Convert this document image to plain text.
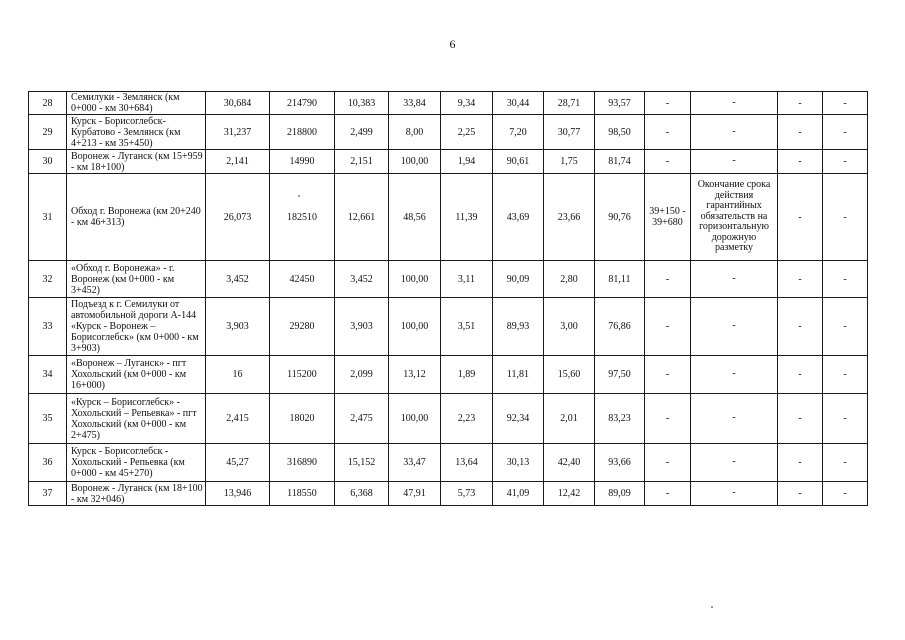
6
28	Семилуки - Землянск (км 0+000 - км 30+684)	30,684	214790	10,383	33,84	9,34	30,44	28,71	93,57	-	-	-	-
29	Курск - Борисоглебск-Курбатово - Землянск (км 4+213 - км 35+450)	31,237	218800	2,499	8,00	2,25	7,20	30,77	98,50	-	-	-	-
30	Воронеж - Луганск (км 15+959 - км 18+100)	2,141	14990	2,151	100,00	1,94	90,61	1,75	81,74	-	-	-	-
31	Обход г. Воронежа (км 20+240 - км 46+313)	26,073	182510	12,661	48,56	11,39	43,69	23,66	90,76	39+150 - 39+680	Окончание срока действия гарантийных обязательств на горизонтальную дорожную разметку	-	-
32	«Обход г. Воронежа» - г. Воронеж (км 0+000 - км 3+452)	3,452	42450	3,452	100,00	3,11	90,09	2,80	81,11	-	-	-	-
33	Подъезд к г. Семилуки от автомобильной дороги А-144 «Курск - Воронеж – Борисоглебск» (км 0+000 - км 3+903)	3,903	29280	3,903	100,00	3,51	89,93	3,00	76,86	-	-	-	-
34	«Воронеж – Луганск» - пгт Хохольский (км 0+000 - км 16+000)	16	115200	2,099	13,12	1,89	11,81	15,60	97,50	-	-	-	-
35	«Курск – Борисоглебск» - Хохольский – Репьевка» - пгт Хохольский (км 0+000 - км 2+475)	2,415	18020	2,475	100,00	2,23	92,34	2,01	83,23	-	-	-	-
36	Курск - Борисоглебск - Хохольский - Репьевка (км 0+000 - км 45+270)	45,27	316890	15,152	33,47	13,64	30,13	42,40	93,66	-	-	-	-
37	Воронеж - Луганск (км 18+100 - км 32+046)	13,946	118550	6,368	47,91	5,73	41,09	12,42	89,09	-	-	-	-
